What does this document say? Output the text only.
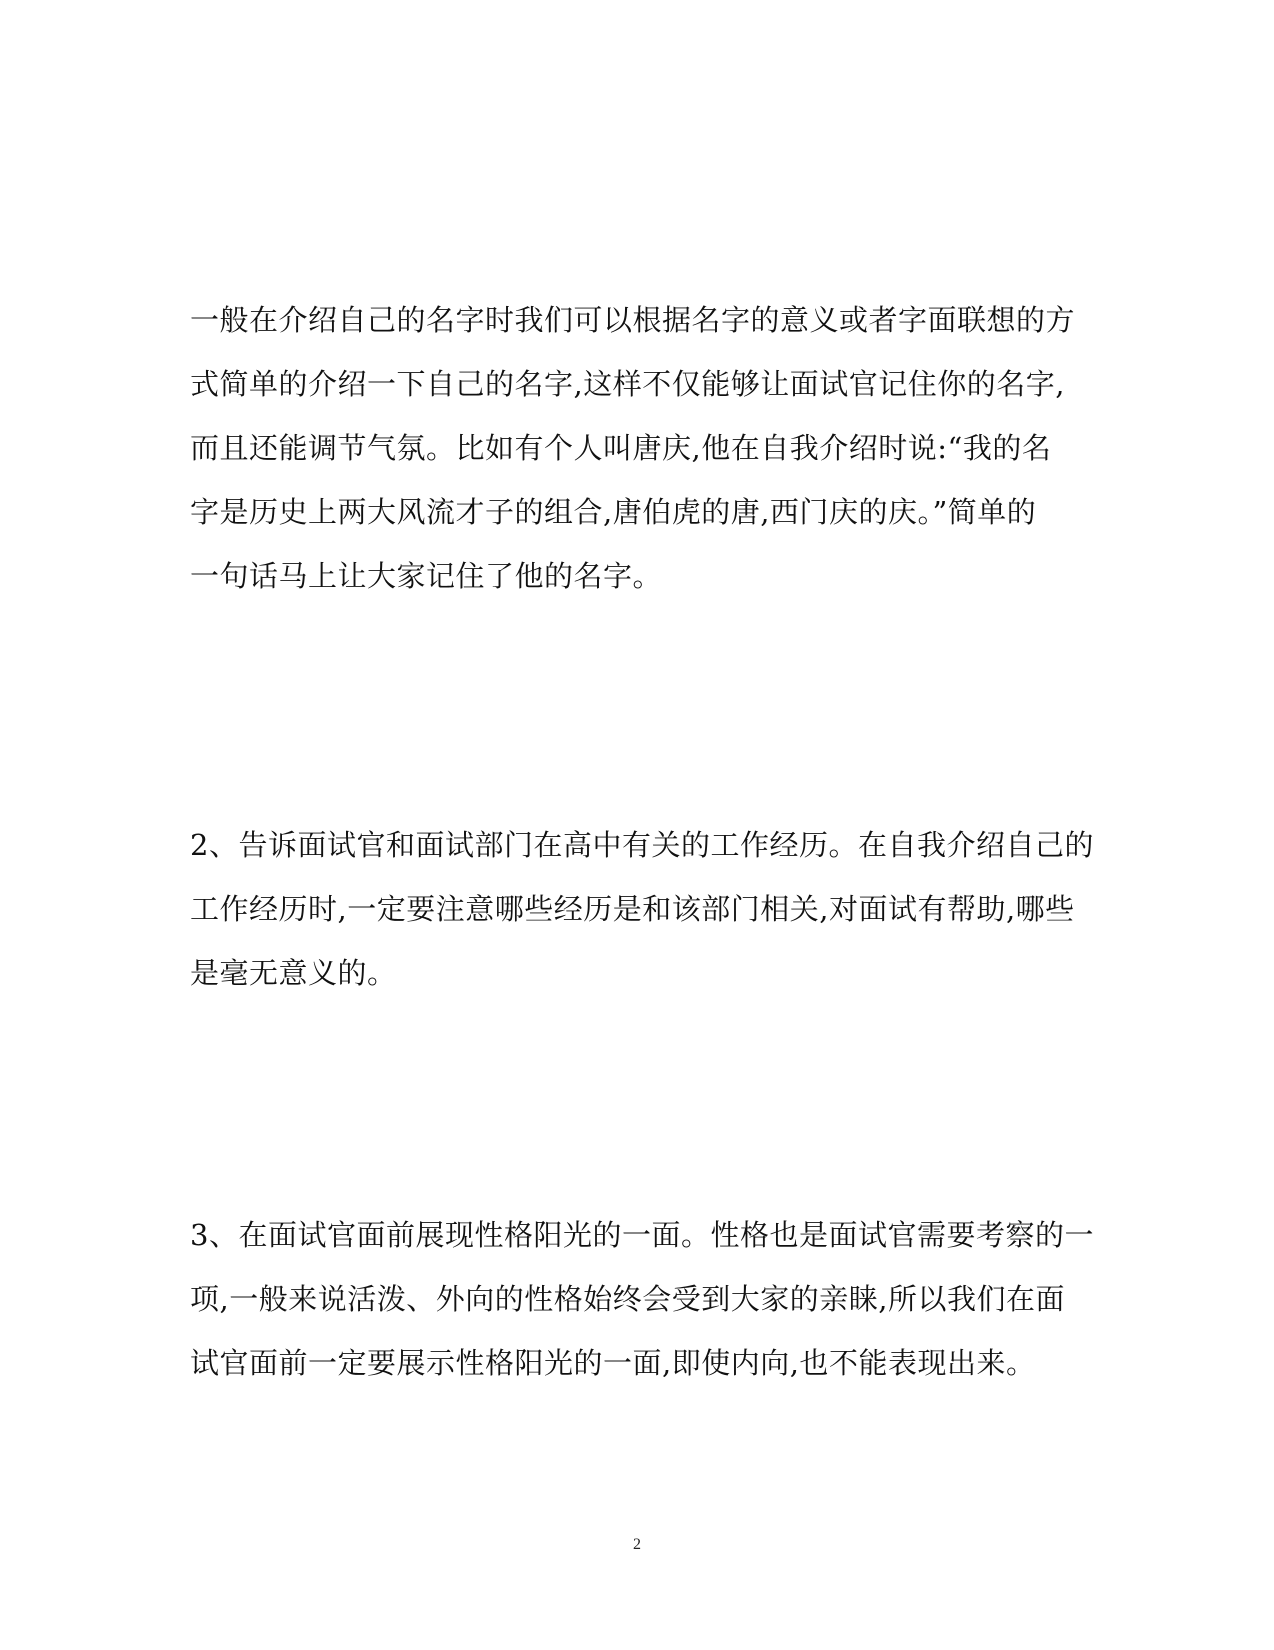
一般在介绍自己的名字时我们可以根据名字的意义或者字面联想的方
式简单的介绍一下自己的名字,这样不仅能够让面试官记住你的名字,
而且还能调节气氛。比如有个人叫唐庆,他在自我介绍时说:“我的名
字是历史上两大风流才子的组合,唐伯虎的唐,西门庆的庆。”简单的
一句话马上让大家记住了他的名字。

2、告诉面试官和面试部门在高中有关的工作经历。在自我介绍自己的
工作经历时,一定要注意哪些经历是和该部门相关,对面试有帮助,哪些
是毫无意义的。

3、在面试官面前展现性格阳光的一面。性格也是面试官需要考察的一
项,一般来说活泼、外向的性格始终会受到大家的亲睐,所以我们在面
试官面前一定要展示性格阳光的一面,即使内向,也不能表现出来。

2
